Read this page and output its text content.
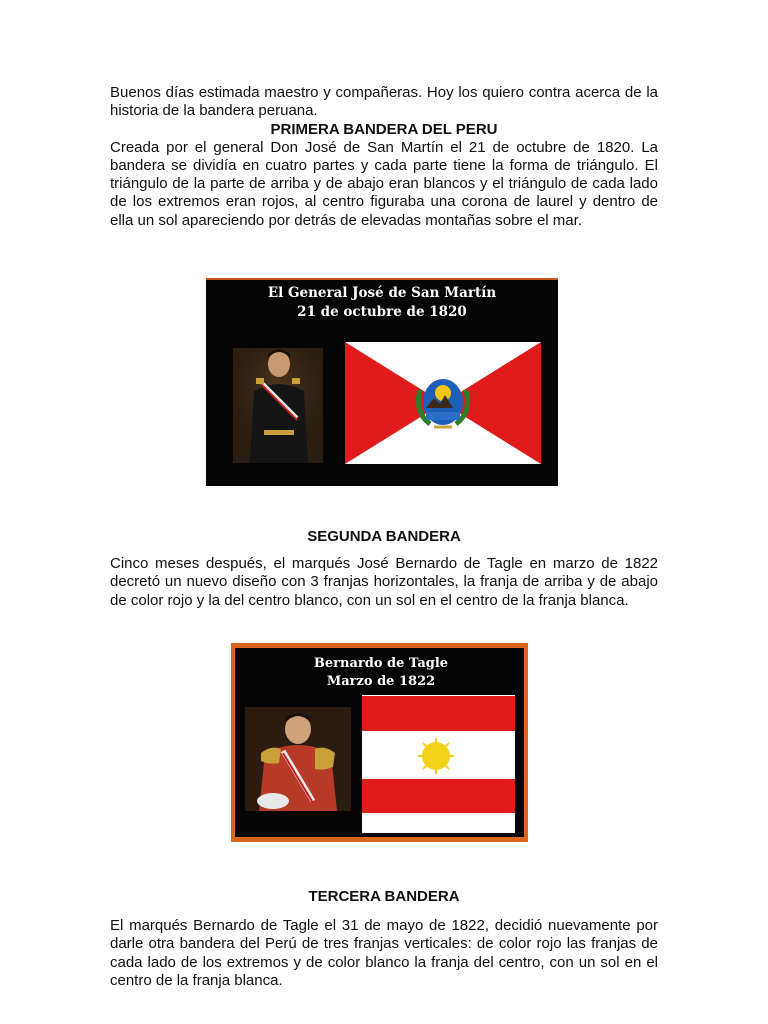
Buenos días estimada maestro y compañeras. Hoy los quiero contra acerca de la historia de la bandera peruana.

PRIMERA BANDERA DEL PERU

Creada por el general Don José de San Martín el 21 de octubre de 1820. La bandera se dividía en cuatro partes y cada parte tiene la forma de triángulo. El triángulo de la parte de arriba y de abajo eran blancos y el triángulo de cada lado de los extremos eran rojos, al centro figuraba una corona de laurel y dentro de ella un sol apareciendo por detrás de elevadas montañas sobre el mar.

El General José de San Martín
21 de octubre de 1820
SEGUNDA BANDERA

Cinco meses después, el marqués José Bernardo de Tagle en marzo de 1822 decretó un nuevo diseño con 3 franjas horizontales, la franja de arriba y de abajo de color rojo y la del centro blanco, con un sol en el centro de la franja blanca.

Bernardo de Tagle
Marzo de 1822
TERCERA BANDERA

El marqués Bernardo de Tagle el 31 de mayo de 1822, decidió nuevamente por darle otra bandera del Perú de tres franjas verticales: de color rojo las franjas de cada lado de los extremos y de color blanco la franja del centro, con un sol en el centro de la franja blanca.
